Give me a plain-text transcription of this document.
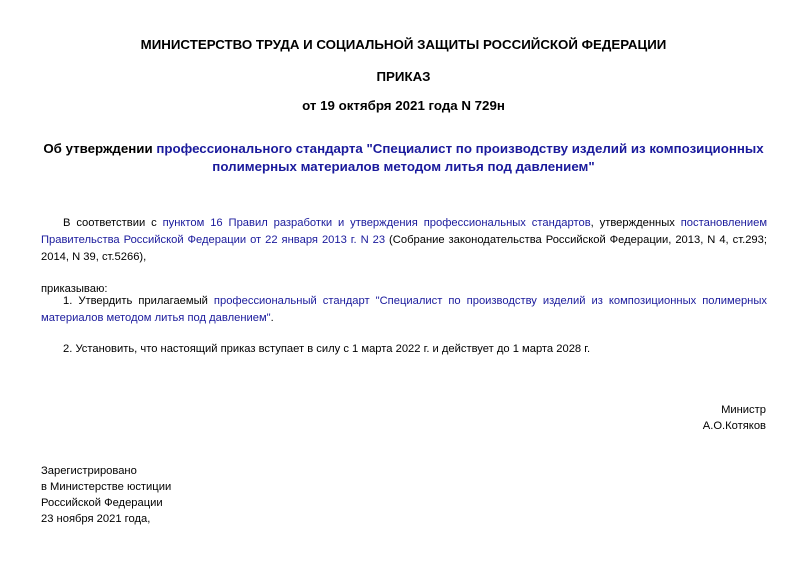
МИНИСТЕРСТВО ТРУДА И СОЦИАЛЬНОЙ ЗАЩИТЫ РОССИЙСКОЙ ФЕДЕРАЦИИ
ПРИКАЗ
от 19 октября 2021 года N 729н
Об утверждении профессионального стандарта "Специалист по производству изделий из композиционных полимерных материалов методом литья под давлением"
В соответствии с пунктом 16 Правил разработки и утверждения профессиональных стандартов, утвержденных постановлением Правительства Российской Федерации от 22 января 2013 г. N 23 (Собрание законодательства Российской Федерации, 2013, N 4, ст.293; 2014, N 39, ст.5266),
приказываю:
1. Утвердить прилагаемый профессиональный стандарт "Специалист по производству изделий из композиционных полимерных материалов методом литья под давлением".
2. Установить, что настоящий приказ вступает в силу с 1 марта 2022 г. и действует до 1 марта 2028 г.
Министр
А.О.Котяков
Зарегистрировано
в Министерстве юстиции
Российской Федерации
23 ноября 2021 года,
